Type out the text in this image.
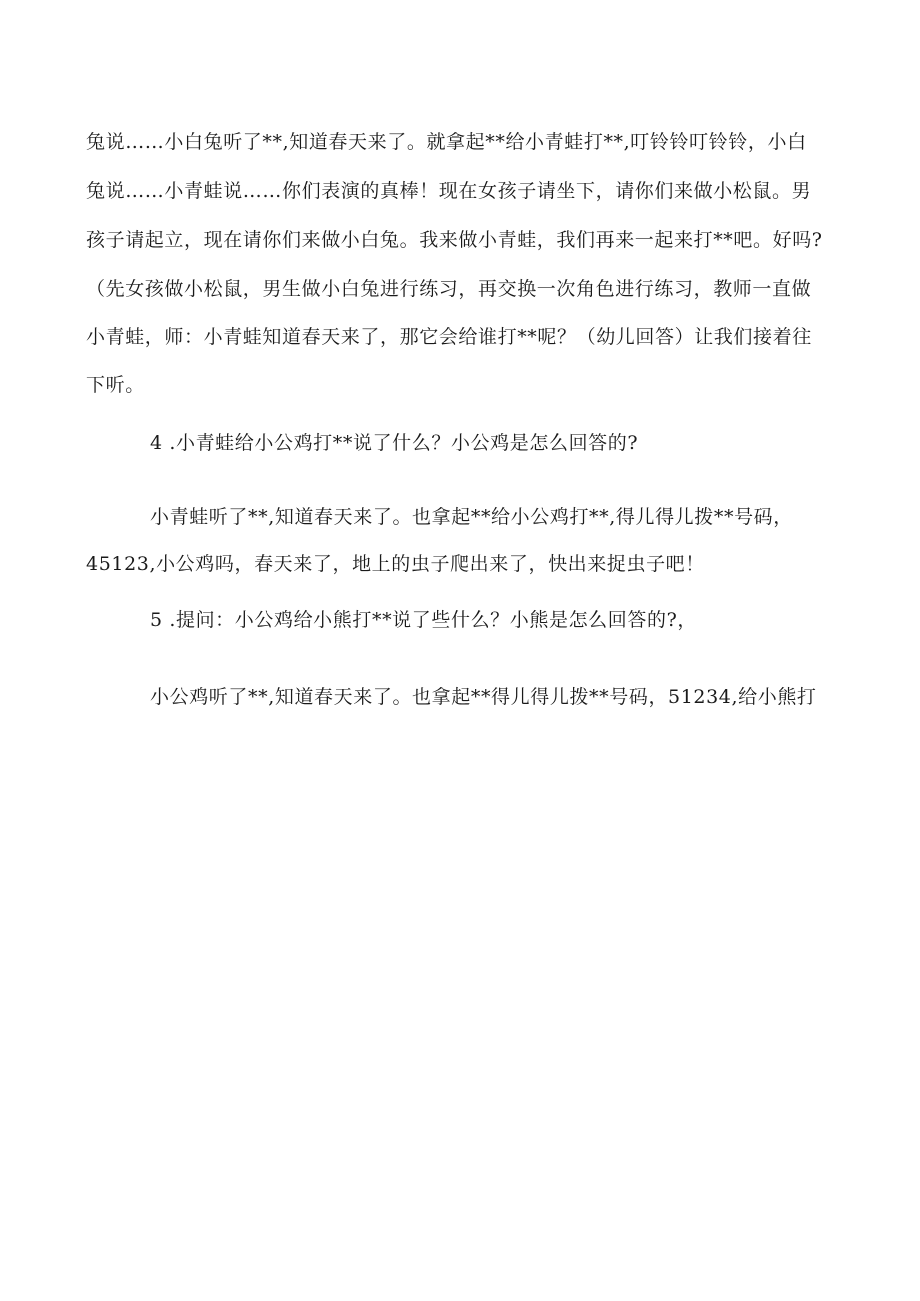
兔说……小白兔听了**,知道春天来了。就拿起**给小青蛙打**,叮铃铃叮铃铃，小白
兔说……小青蛙说……你们表演的真棒！现在女孩子请坐下，请你们来做小松鼠。男
孩子请起立，现在请你们来做小白兔。我来做小青蛙，我们再来一起来打**吧。好吗?
（先女孩做小松鼠，男生做小白兔进行练习，再交换一次角色进行练习，教师一直做
小青蛙，师：小青蛙知道春天来了，那它会给谁打**呢？（幼儿回答）让我们接着往
下听。
4 .小青蛙给小公鸡打**说了什么？小公鸡是怎么回答的?
小青蛙听了**,知道春天来了。也拿起**给小公鸡打**,得儿得儿拨**号码，
45123,小公鸡吗，春天来了，地上的虫子爬出来了，快出来捉虫子吧！
5 .提问：小公鸡给小熊打**说了些什么？小熊是怎么回答的?，
小公鸡听了**,知道春天来了。也拿起**得儿得儿拨**号码，51234,给小熊打
